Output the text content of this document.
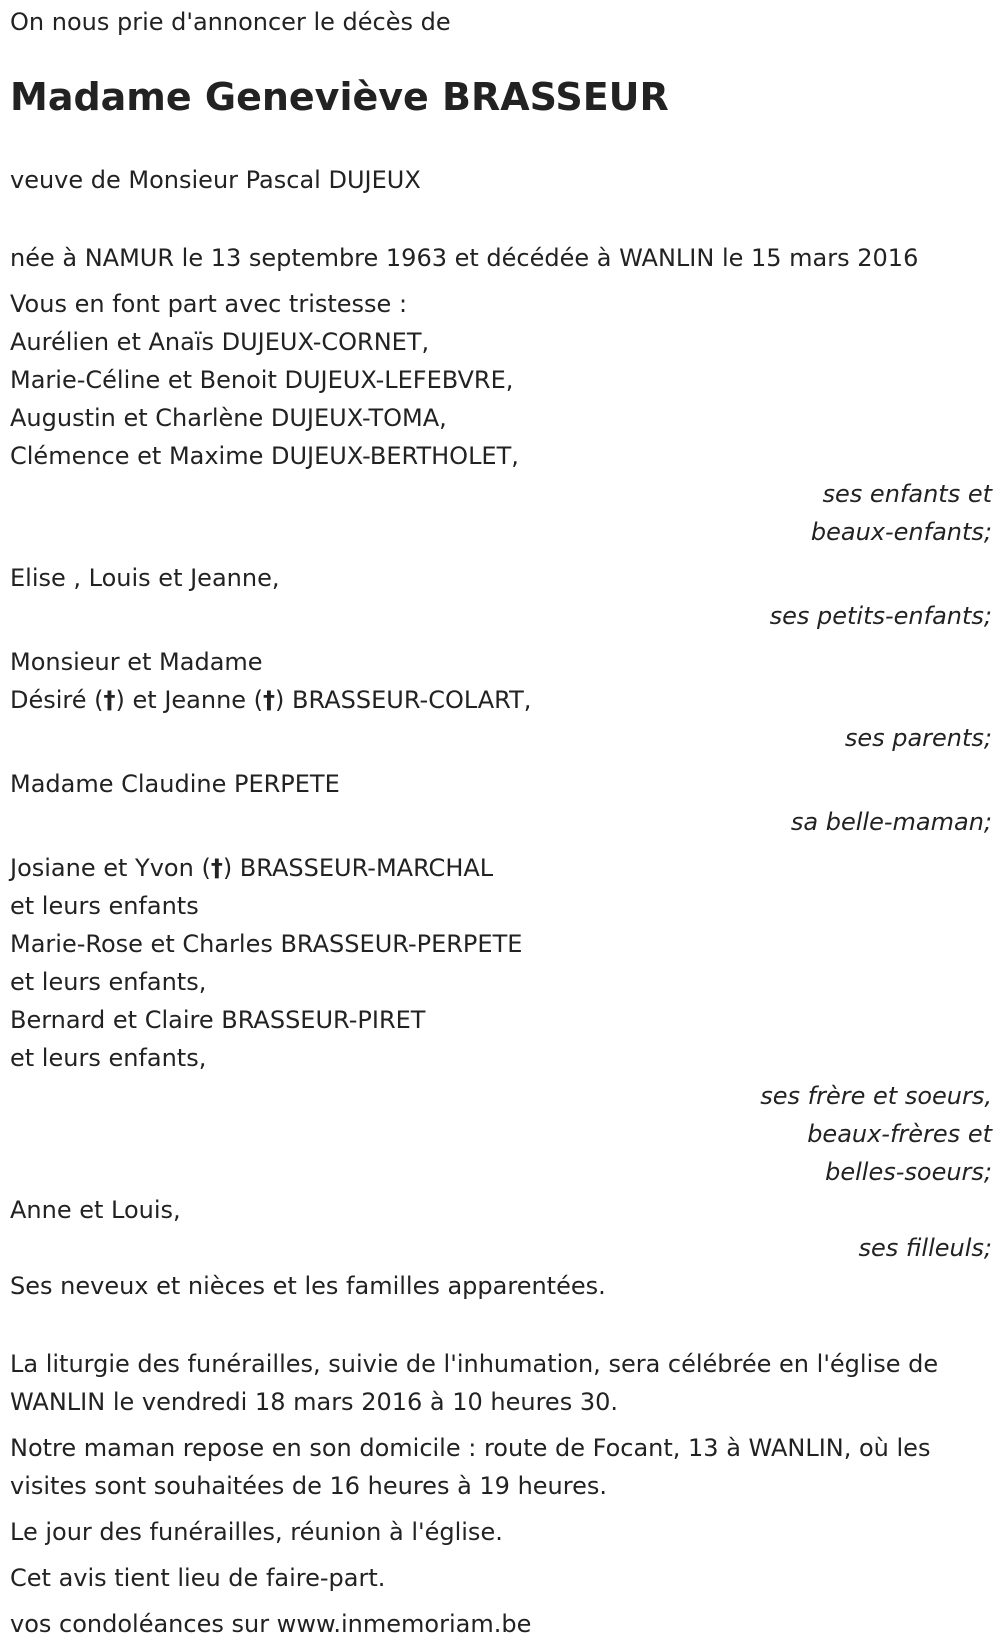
On nous prie d'annoncer le décès de

Madame Geneviève BRASSEUR

veuve de Monsieur Pascal DUJEUX

née à NAMUR le 13 septembre 1963 et décédée à WANLIN le 15 mars 2016

Vous en font part avec tristesse :

Aurélien et Anaïs DUJEUX-CORNET,

Marie-Céline et Benoit DUJEUX-LEFEBVRE,

Augustin et Charlène DUJEUX-TOMA,

Clémence et Maxime DUJEUX-BERTHOLET,

ses enfants et

beaux-enfants;

Elise , Louis et Jeanne,

ses petits-enfants;

Monsieur et Madame

Désiré (†) et Jeanne (†) BRASSEUR-COLART,

ses parents;

Madame Claudine PERPETE

sa belle-maman;

Josiane et Yvon (†) BRASSEUR-MARCHAL

et leurs enfants

Marie-Rose et Charles BRASSEUR-PERPETE

et leurs enfants,

Bernard et Claire BRASSEUR-PIRET

et leurs enfants,

ses frère et soeurs,

beaux-frères et

belles-soeurs;

Anne et Louis,

ses filleuls;

Ses neveux et nièces et les familles apparentées.

La liturgie des funérailles, suivie de l'inhumation, sera célébrée en l'église de WANLIN le vendredi 18 mars 2016 à 10 heures 30.

Notre maman repose en son domicile : route de Focant, 13 à WANLIN, où les visites sont souhaitées de 16 heures à 19 heures.

Le jour des funérailles, réunion à l'église.

Cet avis tient lieu de faire-part.

vos condoléances sur www.inmemoriam.be
